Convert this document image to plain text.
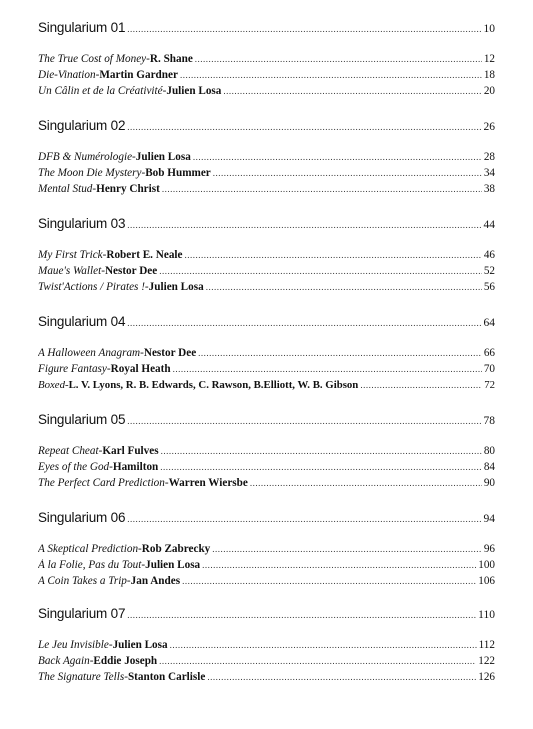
Singularium 01 .....	10
The True Cost of Money - R. Shane .....	12
Die-Vination - Martin Gardner .....	18
Un Câlin et de la Créativité - Julien Losa .....	20
Singularium 02 .....	26
DFB & Numérologie - Julien Losa .....	28
The Moon Die Mystery - Bob Hummer .....	34
Mental Stud - Henry Christ .....	38
Singularium 03 .....	44
My First Trick - Robert E. Neale .....	46
Maue's Wallet - Nestor Dee .....	52
Twist'Actions / Pirates ! - Julien Losa .....	56
Singularium 04 .....	64
A Halloween Anagram - Nestor Dee .....	66
Figure Fantasy - Royal Heath .....	70
Boxed - L. V. Lyons, R. B. Edwards, C. Rawson, B.Elliott, W. B. Gibson .....	72
Singularium 05 .....	78
Repeat Cheat - Karl Fulves .....	80
Eyes of the God - Hamilton .....	84
The Perfect Card Prediction - Warren Wiersbe .....	90
Singularium 06 .....	94
A Skeptical Prediction - Rob Zabrecky .....	96
À la Folie, Pas du Tout - Julien Losa .....	100
A Coin Takes a Trip - Jan Andes .....	106
Singularium 07 .....	110
Le Jeu Invisible - Julien Losa .....	112
Back Again - Eddie Joseph .....	122
The Signature Tells - Stanton Carlisle .....	126
